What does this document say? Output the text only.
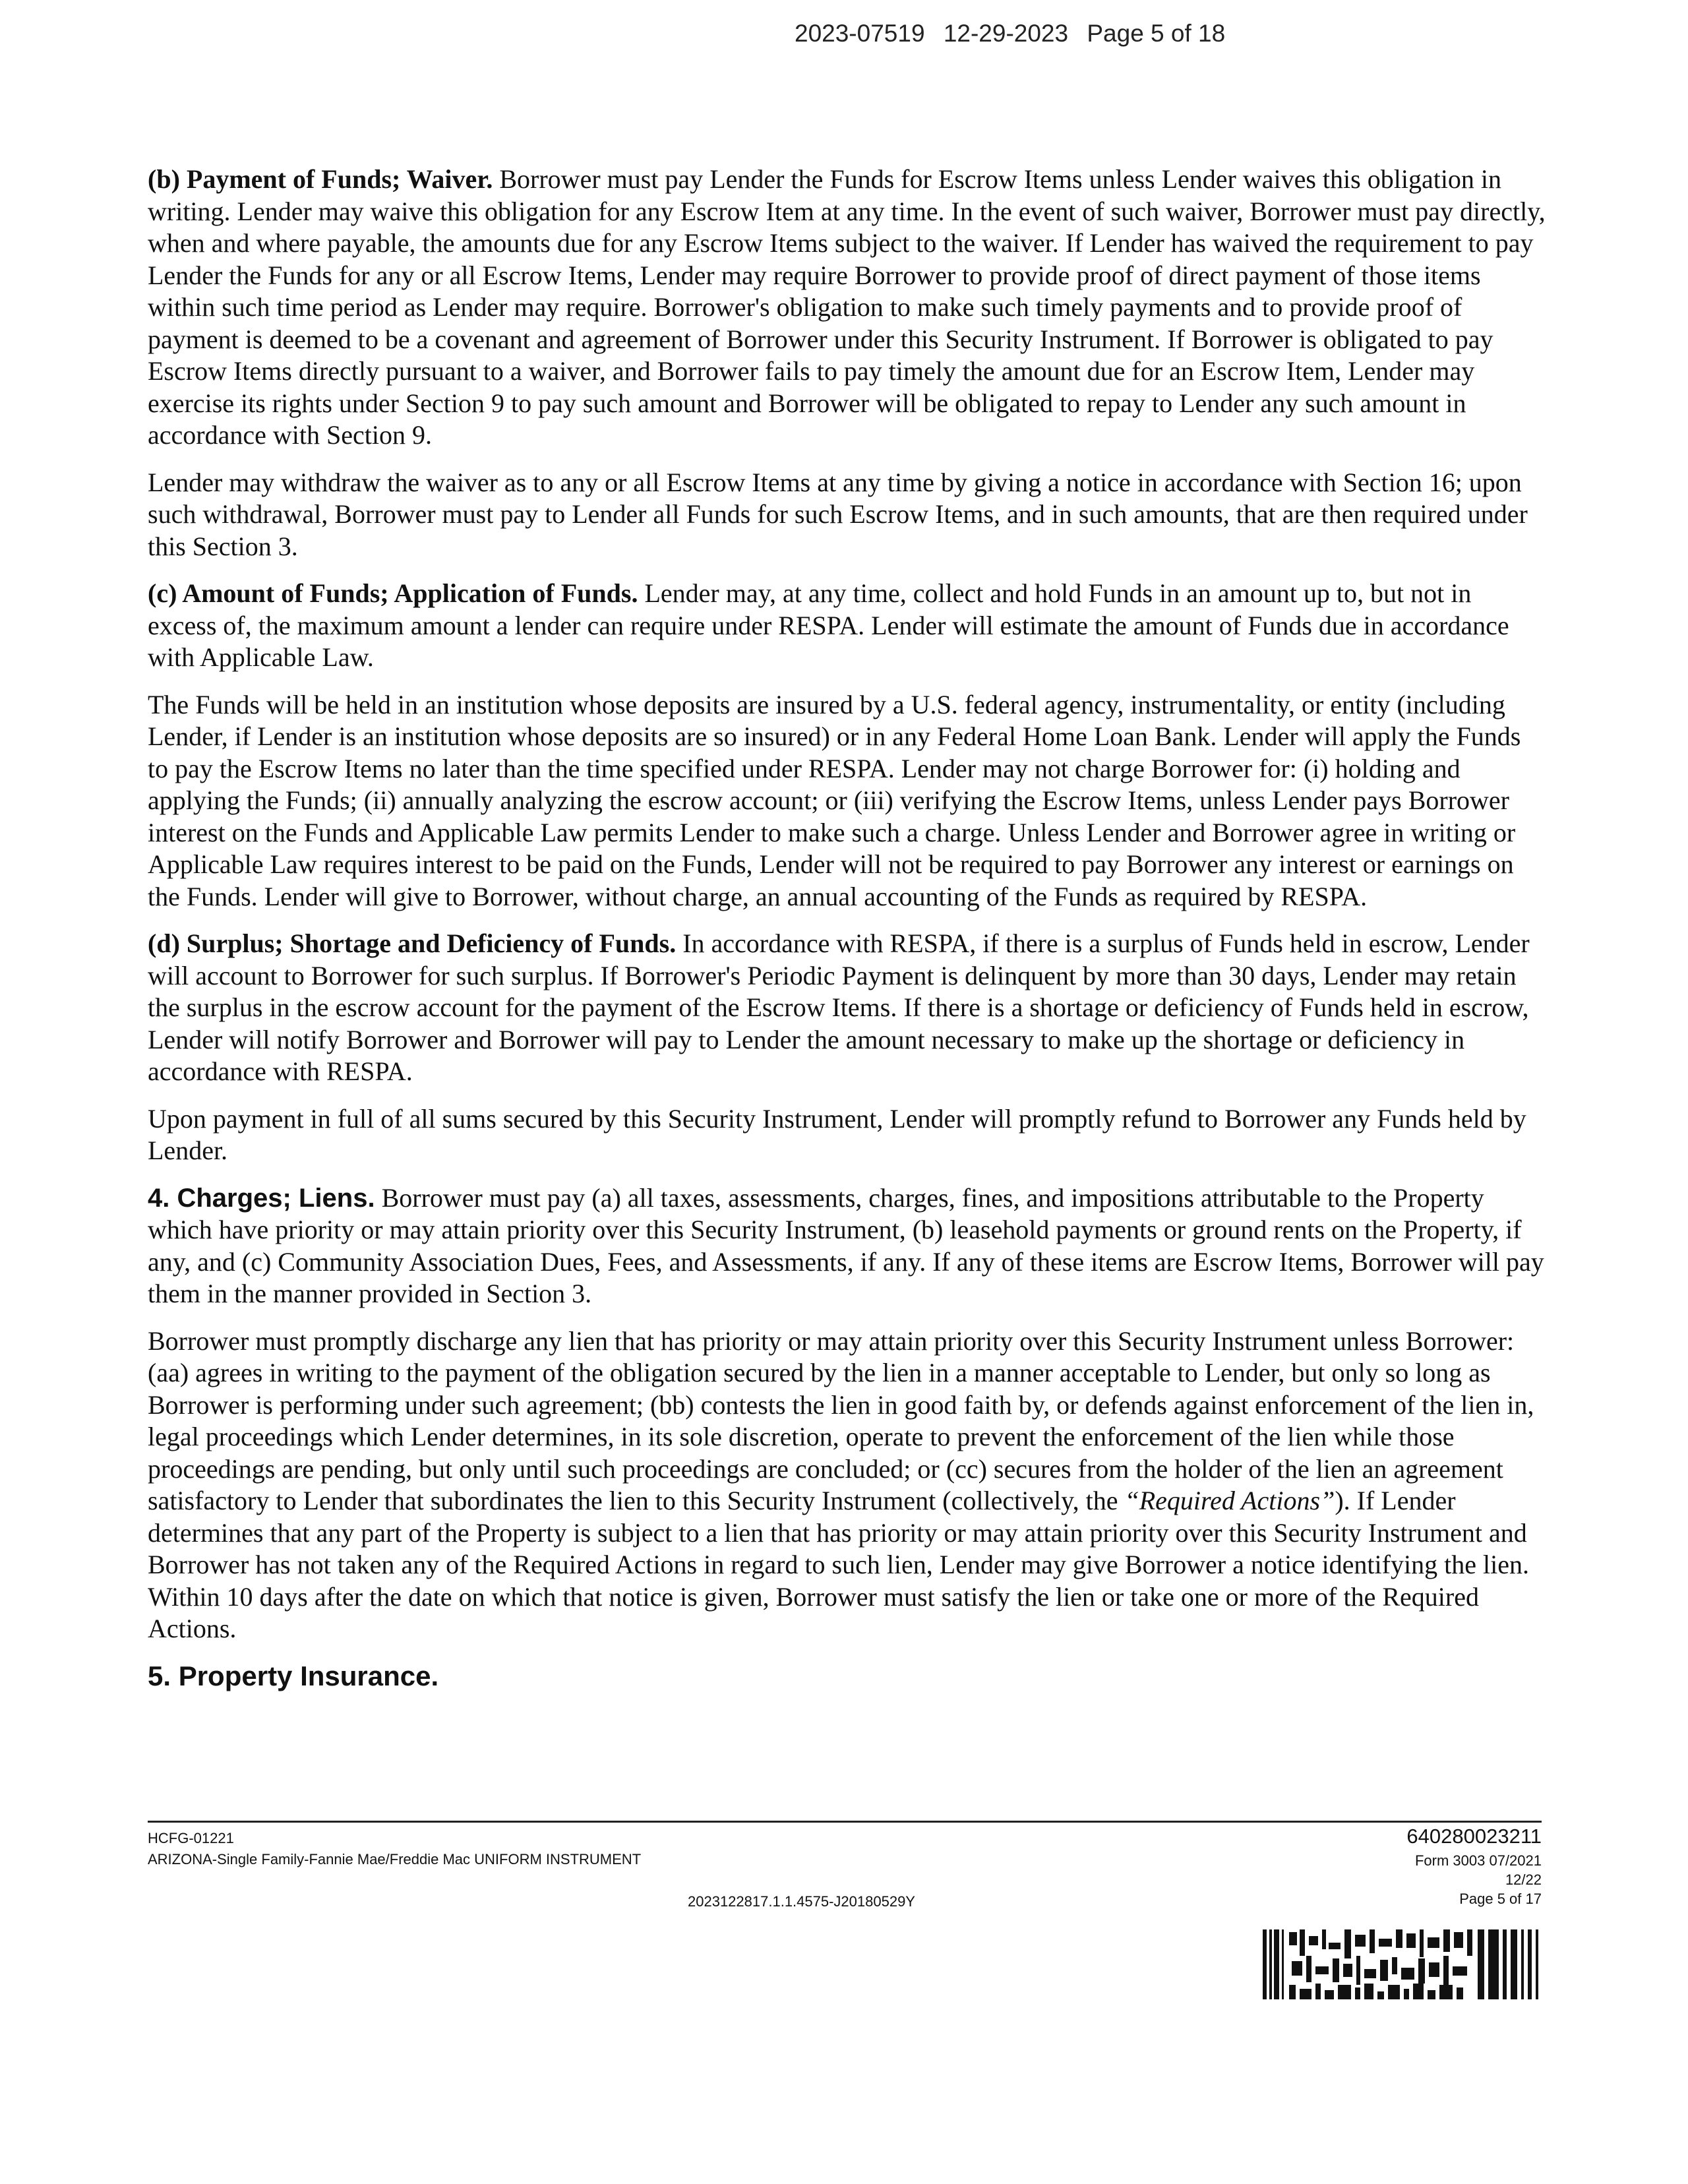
2023-07519 12-29-2023 Page 5 of 18

(b) Payment of Funds; Waiver. Borrower must pay Lender the Funds for Escrow Items unless Lender waives this obligation in writing. Lender may waive this obligation for any Escrow Item at any time. In the event of such waiver, Borrower must pay directly, when and where payable, the amounts due for any Escrow Items subject to the waiver. If Lender has waived the requirement to pay Lender the Funds for any or all Escrow Items, Lender may require Borrower to provide proof of direct payment of those items within such time period as Lender may require. Borrower's obligation to make such timely payments and to provide proof of payment is deemed to be a covenant and agreement of Borrower under this Security Instrument. If Borrower is obligated to pay Escrow Items directly pursuant to a waiver, and Borrower fails to pay timely the amount due for an Escrow Item, Lender may exercise its rights under Section 9 to pay such amount and Borrower will be obligated to repay to Lender any such amount in accordance with Section 9.

Lender may withdraw the waiver as to any or all Escrow Items at any time by giving a notice in accordance with Section 16; upon such withdrawal, Borrower must pay to Lender all Funds for such Escrow Items, and in such amounts, that are then required under this Section 3.

(c) Amount of Funds; Application of Funds. Lender may, at any time, collect and hold Funds in an amount up to, but not in excess of, the maximum amount a lender can require under RESPA. Lender will estimate the amount of Funds due in accordance with Applicable Law.

The Funds will be held in an institution whose deposits are insured by a U.S. federal agency, instrumentality, or entity (including Lender, if Lender is an institution whose deposits are so insured) or in any Federal Home Loan Bank. Lender will apply the Funds to pay the Escrow Items no later than the time specified under RESPA. Lender may not charge Borrower for: (i) holding and applying the Funds; (ii) annually analyzing the escrow account; or (iii) verifying the Escrow Items, unless Lender pays Borrower interest on the Funds and Applicable Law permits Lender to make such a charge. Unless Lender and Borrower agree in writing or Applicable Law requires interest to be paid on the Funds, Lender will not be required to pay Borrower any interest or earnings on the Funds. Lender will give to Borrower, without charge, an annual accounting of the Funds as required by RESPA.

(d) Surplus; Shortage and Deficiency of Funds. In accordance with RESPA, if there is a surplus of Funds held in escrow, Lender will account to Borrower for such surplus. If Borrower's Periodic Payment is delinquent by more than 30 days, Lender may retain the surplus in the escrow account for the payment of the Escrow Items. If there is a shortage or deficiency of Funds held in escrow, Lender will notify Borrower and Borrower will pay to Lender the amount necessary to make up the shortage or deficiency in accordance with RESPA.

Upon payment in full of all sums secured by this Security Instrument, Lender will promptly refund to Borrower any Funds held by Lender.

4. Charges; Liens. Borrower must pay (a) all taxes, assessments, charges, fines, and impositions attributable to the Property which have priority or may attain priority over this Security Instrument, (b) leasehold payments or ground rents on the Property, if any, and (c) Community Association Dues, Fees, and Assessments, if any. If any of these items are Escrow Items, Borrower will pay them in the manner provided in Section 3.

Borrower must promptly discharge any lien that has priority or may attain priority over this Security Instrument unless Borrower: (aa) agrees in writing to the payment of the obligation secured by the lien in a manner acceptable to Lender, but only so long as Borrower is performing under such agreement; (bb) contests the lien in good faith by, or defends against enforcement of the lien in, legal proceedings which Lender determines, in its sole discretion, operate to prevent the enforcement of the lien while those proceedings are pending, but only until such proceedings are concluded; or (cc) secures from the holder of the lien an agreement satisfactory to Lender that subordinates the lien to this Security Instrument (collectively, the “Required Actions”). If Lender determines that any part of the Property is subject to a lien that has priority or may attain priority over this Security Instrument and Borrower has not taken any of the Required Actions in regard to such lien, Lender may give Borrower a notice identifying the lien. Within 10 days after the date on which that notice is given, Borrower must satisfy the lien or take one or more of the Required Actions.

5. Property Insurance.

HCFG-01221
ARIZONA-Single Family-Fannie Mae/Freddie Mac UNIFORM INSTRUMENT
2023122817.1.1.4575-J20180529Y
640280023211
Form 3003 07/2021
12/22
Page 5 of 17
